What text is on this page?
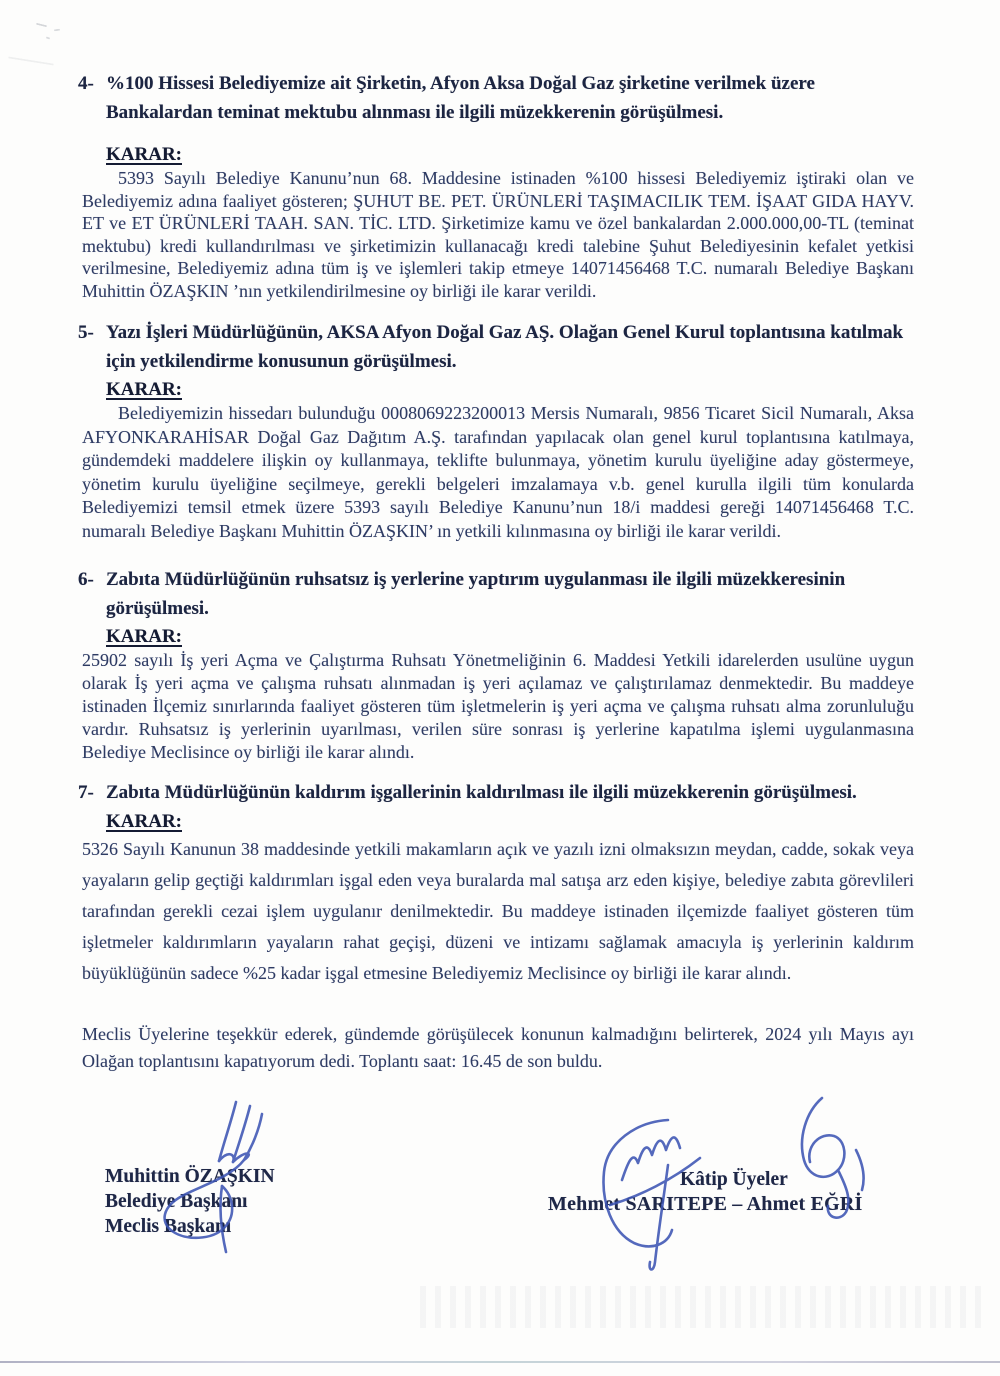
4- %100 Hissesi Belediyemize ait Şirketin, Afyon Aksa Doğal Gaz şirketine verilmek üzere Bankalardan teminat mektubu alınması ile ilgili müzekkerenin görüşülmesi.
KARAR:

5393 Sayılı Belediye Kanunu’nun 68. Maddesine istinaden %100 hissesi Belediyemiz iştiraki olan ve Belediyemiz adına faaliyet gösteren; ŞUHUT BE. PET. ÜRÜNLERİ TAŞIMACILIK TEM. İŞAAT GIDA HAYV. ET ve ET ÜRÜNLERİ TAAH. SAN. TİC. LTD. Şirketimize kamu ve özel bankalardan 2.000.000,00-TL (teminat mektubu) kredi kullandırılması ve şirketimizin kullanacağı kredi talebine Şuhut Belediyesinin kefalet yetkisi verilmesine, Belediyemiz adına tüm iş ve işlemleri takip etmeye 14071456468 T.C. numaralı Belediye Başkanı Muhittin ÖZAŞKIN ’nın yetkilendirilmesine oy birliği ile karar verildi.

5- Yazı İşleri Müdürlüğünün, AKSA Afyon Doğal Gaz AŞ. Olağan Genel Kurul toplantısına katılmak için yetkilendirme konusunun görüşülmesi.
KARAR:

Belediyemizin hissedarı bulunduğu 0008069223200013 Mersis Numaralı, 9856 Ticaret Sicil Numaralı, Aksa AFYONKARAHİSAR Doğal Gaz Dağıtım A.Ş. tarafından yapılacak olan genel kurul toplantısına katılmaya, gündemdeki maddelere ilişkin oy kullanmaya, teklifte bulunmaya, yönetim kurulu üyeliğine aday göstermeye, yönetim kurulu üyeliğine seçilmeye, gerekli belgeleri imzalamaya v.b. genel kurulla ilgili tüm konularda Belediyemizi temsil etmek üzere 5393 sayılı Belediye Kanunu’nun 18/i maddesi gereği 14071456468 T.C. numaralı Belediye Başkanı Muhittin ÖZAŞKIN’ ın yetkili kılınmasına oy birliği ile karar verildi.

6- Zabıta Müdürlüğünün ruhsatsız iş yerlerine yaptırım uygulanması ile ilgili müzekkeresinin görüşülmesi.
KARAR:

25902 sayılı İş yeri Açma ve Çalıştırma Ruhsatı Yönetmeliğinin 6. Maddesi Yetkili idarelerden usulüne uygun olarak İş yeri açma ve çalışma ruhsatı alınmadan iş yeri açılamaz ve çalıştırılamaz denmektedir. Bu maddeye istinaden İlçemiz sınırlarında faaliyet gösteren tüm işletmelerin iş yeri açma ve çalışma ruhsatı alma zorunluluğu vardır. Ruhsatsız iş yerlerinin uyarılması, verilen süre sonrası iş yerlerine kapatılma işlemi uygulanmasına Belediye Meclisince oy birliği ile karar alındı.

7- Zabıta Müdürlüğünün kaldırım işgallerinin kaldırılması ile ilgili müzekkerenin görüşülmesi.
KARAR:

5326 Sayılı Kanunun 38 maddesinde yetkili makamların açık ve yazılı izni olmaksızın meydan, cadde, sokak veya yayaların gelip geçtiği kaldırımları işgal eden veya buralarda mal satışa arz eden kişiye, belediye zabıta görevlileri tarafından gerekli cezai işlem uygulanır denilmektedir. Bu maddeye istinaden ilçemizde faaliyet gösteren tüm işletmeler kaldırımların yayaların rahat geçişi, düzeni ve intizamı sağlamak amacıyla iş yerlerinin kaldırım büyüklüğünün sadece %25 kadar işgal etmesine Belediyemiz Meclisince oy birliği ile karar alındı.

Meclis Üyelerine teşekkür ederek, gündemde görüşülecek konunun kalmadığını belirterek, 2024 yılı Mayıs ayı Olağan toplantısını kapatıyorum dedi. Toplantı saat: 16.45 de son buldu.

Muhittin ÖZAŞKIN
Belediye Başkanı
Meclis Başkanı
Kâtip Üyeler
Mehmet SARITEPE – Ahmet EĞRİ
